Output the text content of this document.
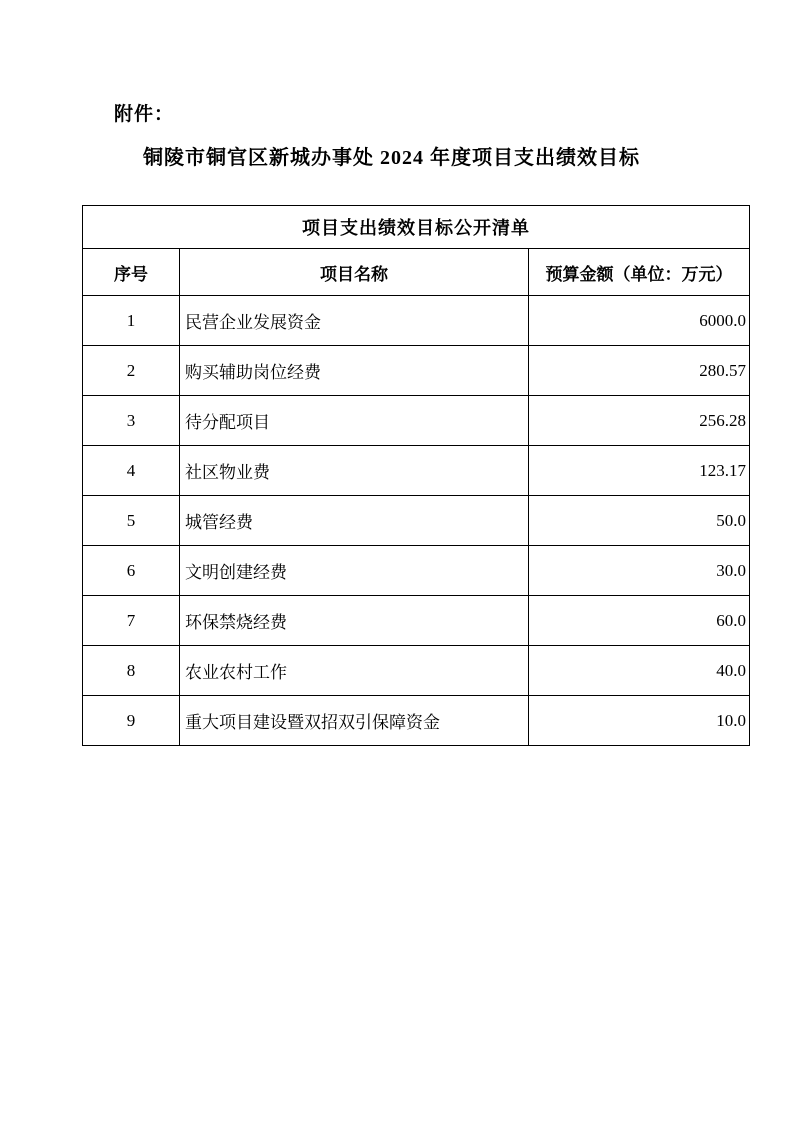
附件：
铜陵市铜官区新城办事处 2024 年度项目支出绩效目标
项目支出绩效目标公开清单		
序号	项目名称	预算金额（单位：万元）
1	民营企业发展资金	6000.0
2	购买辅助岗位经费	280.57
3	待分配项目	256.28
4	社区物业费	123.17
5	城管经费	50.0
6	文明创建经费	30.0
7	环保禁烧经费	60.0
8	农业农村工作	40.0
9	重大项目建设暨双招双引保障资金	10.0
